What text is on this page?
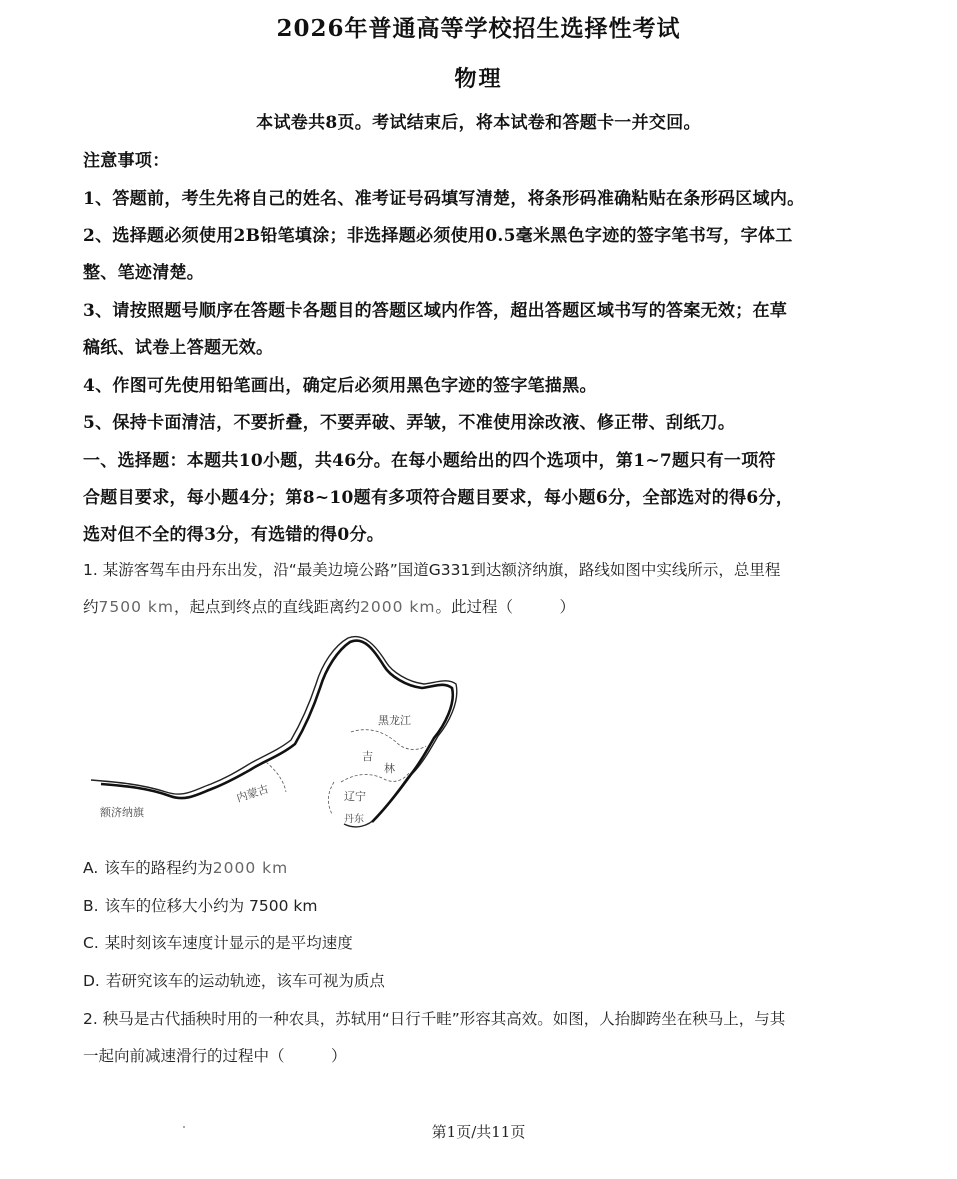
2026年普通高等学校招生选择性考试
物理
本试卷共8页。考试结束后，将本试卷和答题卡一并交回。
注意事项：
1、答题前，考生先将自己的姓名、准考证号码填写清楚，将条形码准确粘贴在条形码区域内。
2、选择题必须使用2B铅笔填涂；非选择题必须使用0.5毫米黑色字迹的签字笔书写，字体工
整、笔迹清楚。
3、请按照题号顺序在答题卡各题目的答题区域内作答，超出答题区域书写的答案无效；在草
稿纸、试卷上答题无效。
4、作图可先使用铅笔画出，确定后必须用黑色字迹的签字笔描黑。
5、保持卡面清洁，不要折叠，不要弄破、弄皱，不准使用涂改液、修正带、刮纸刀。
一、选择题：本题共10小题，共46分。在每小题给出的四个选项中，第1~7题只有一项符
合题目要求，每小题4分；第8~10题有多项符合题目要求，每小题6分，全部选对的得6分，
选对但不全的得3分，有选错的得0分。
1. 某游客驾车由丹东出发，沿“最美边境公路”国道G331到达额济纳旗，路线如图中实线所示，总里程
约7500 km，起点到终点的直线距离约2000 km。此过程（　　　）
黑龙江
吉
林
辽宁
内蒙古
额济纳旗
丹东
A. 该车的路程约为2000 km
B. 该车的位移大小约为 7500 km
C. 某时刻该车速度计显示的是平均速度
D. 若研究该车的运动轨迹，该车可视为质点
2. 秧马是古代插秧时用的一种农具，苏轼用“日行千畦”形容其高效。如图，人抬脚跨坐在秧马上，与其
一起向前减速滑行的过程中（　　　）
第1页/共11页
